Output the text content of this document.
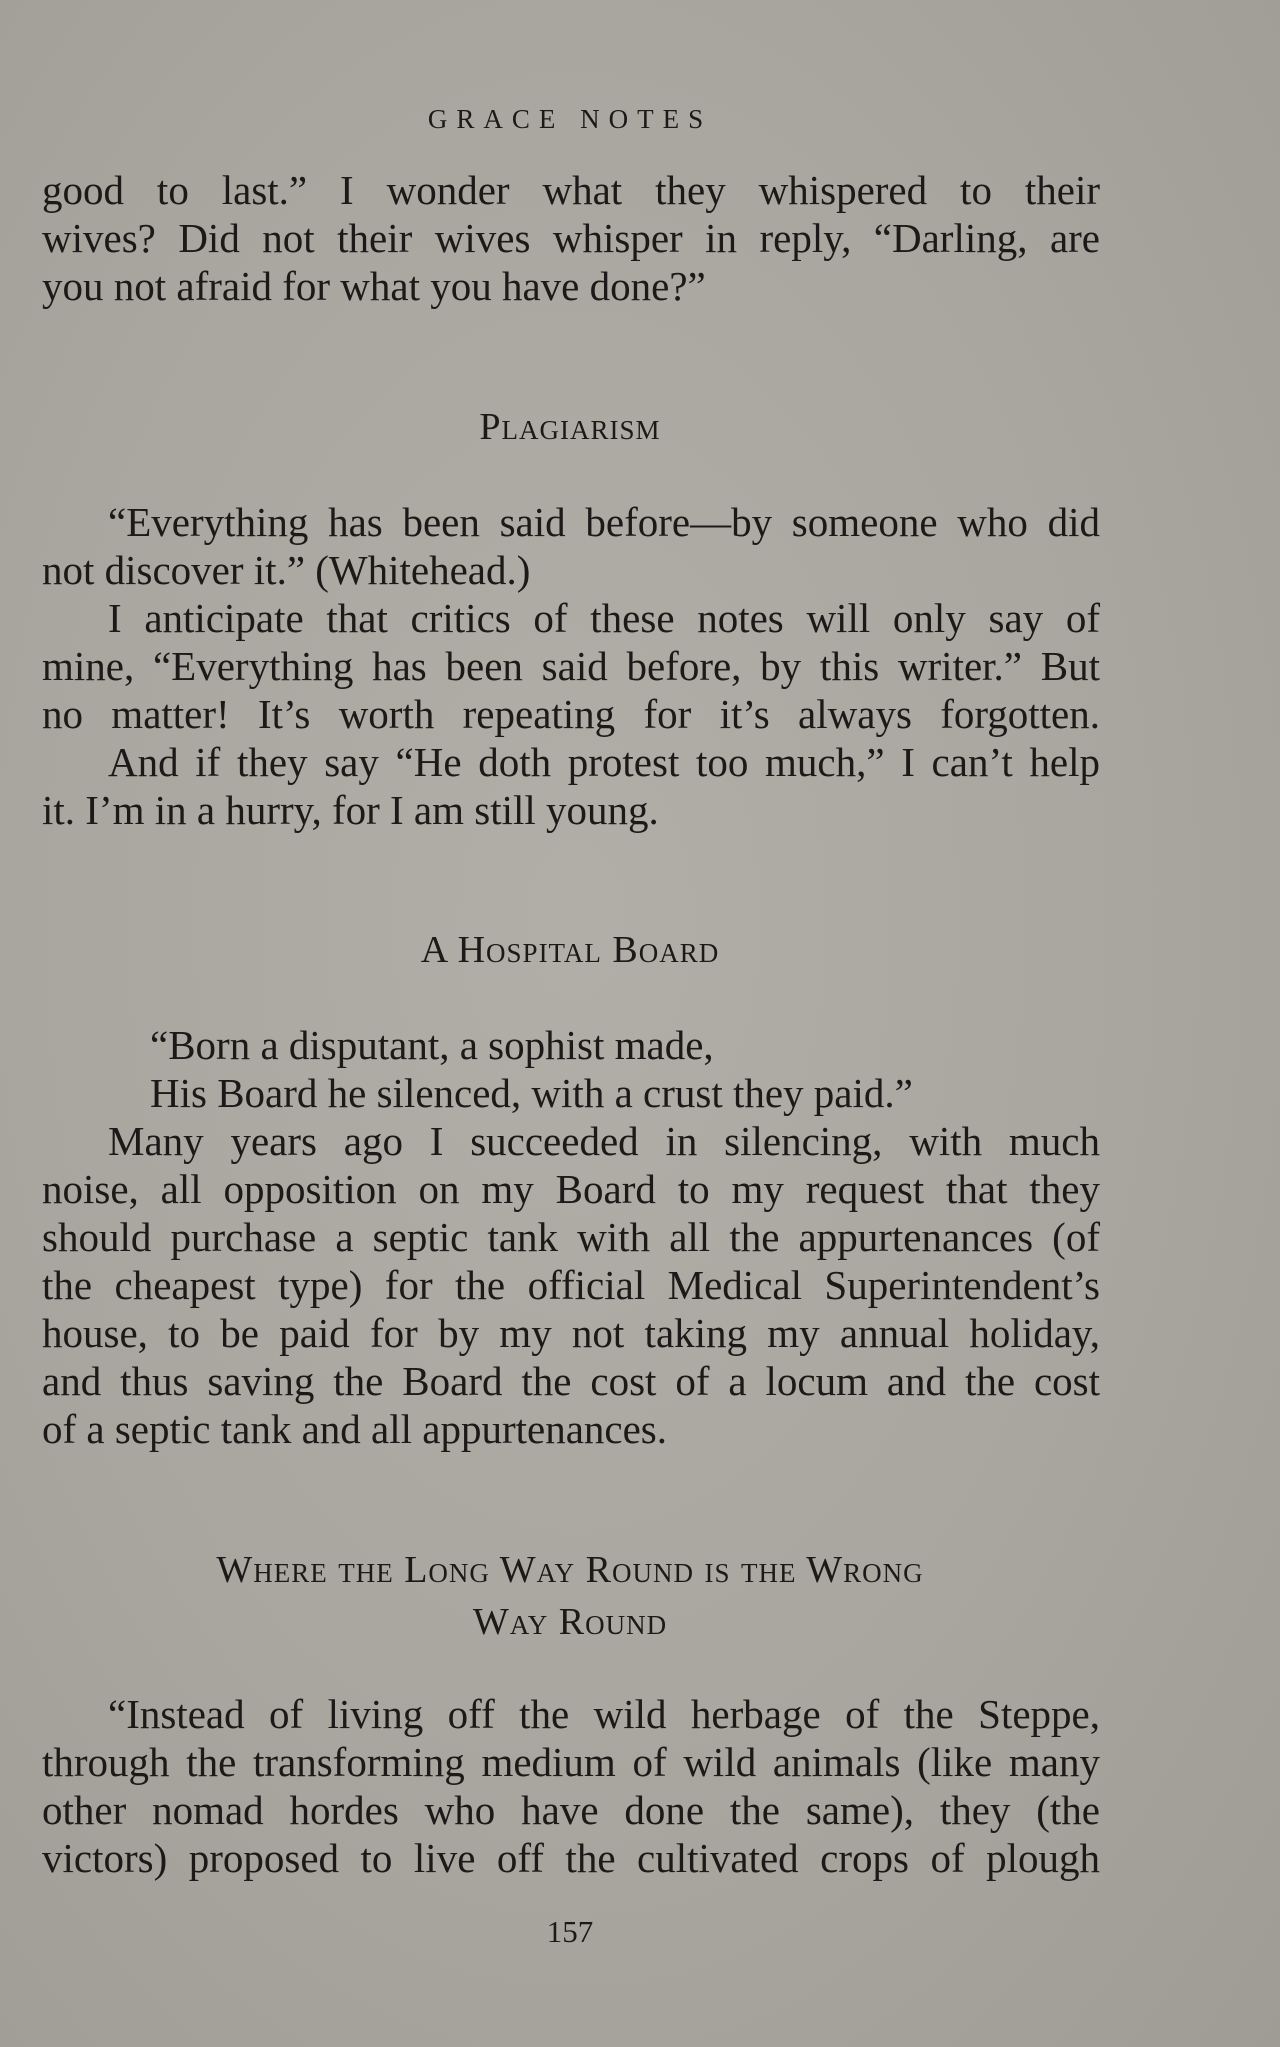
GRACE NOTES
good to last.” I wonder what they whispered to their
wives? Did not their wives whisper in reply, “Darling, are
you not afraid for what you have done?”
Plagiarism
“Everything has been said before—by someone who did
not discover it.” (Whitehead.)
I anticipate that critics of these notes will only say of
mine, “Everything has been said before, by this writer.” But
no matter! It’s worth repeating for it’s always forgotten.
And if they say “He doth protest too much,” I can’t help
it. I’m in a hurry, for I am still young.
A Hospital Board
“Born a disputant, a sophist made,
His Board he silenced, with a crust they paid.”
Many years ago I succeeded in silencing, with much
noise, all opposition on my Board to my request that they
should purchase a septic tank with all the appurtenances (of
the cheapest type) for the official Medical Superintendent’s
house, to be paid for by my not taking my annual holiday,
and thus saving the Board the cost of a locum and the cost
of a septic tank and all appurtenances.
Where the Long Way Round is the Wrong
Way Round
“Instead of living off the wild herbage of the Steppe,
through the transforming medium of wild animals (like many
other nomad hordes who have done the same), they (the
victors) proposed to live off the cultivated crops of plough
157
